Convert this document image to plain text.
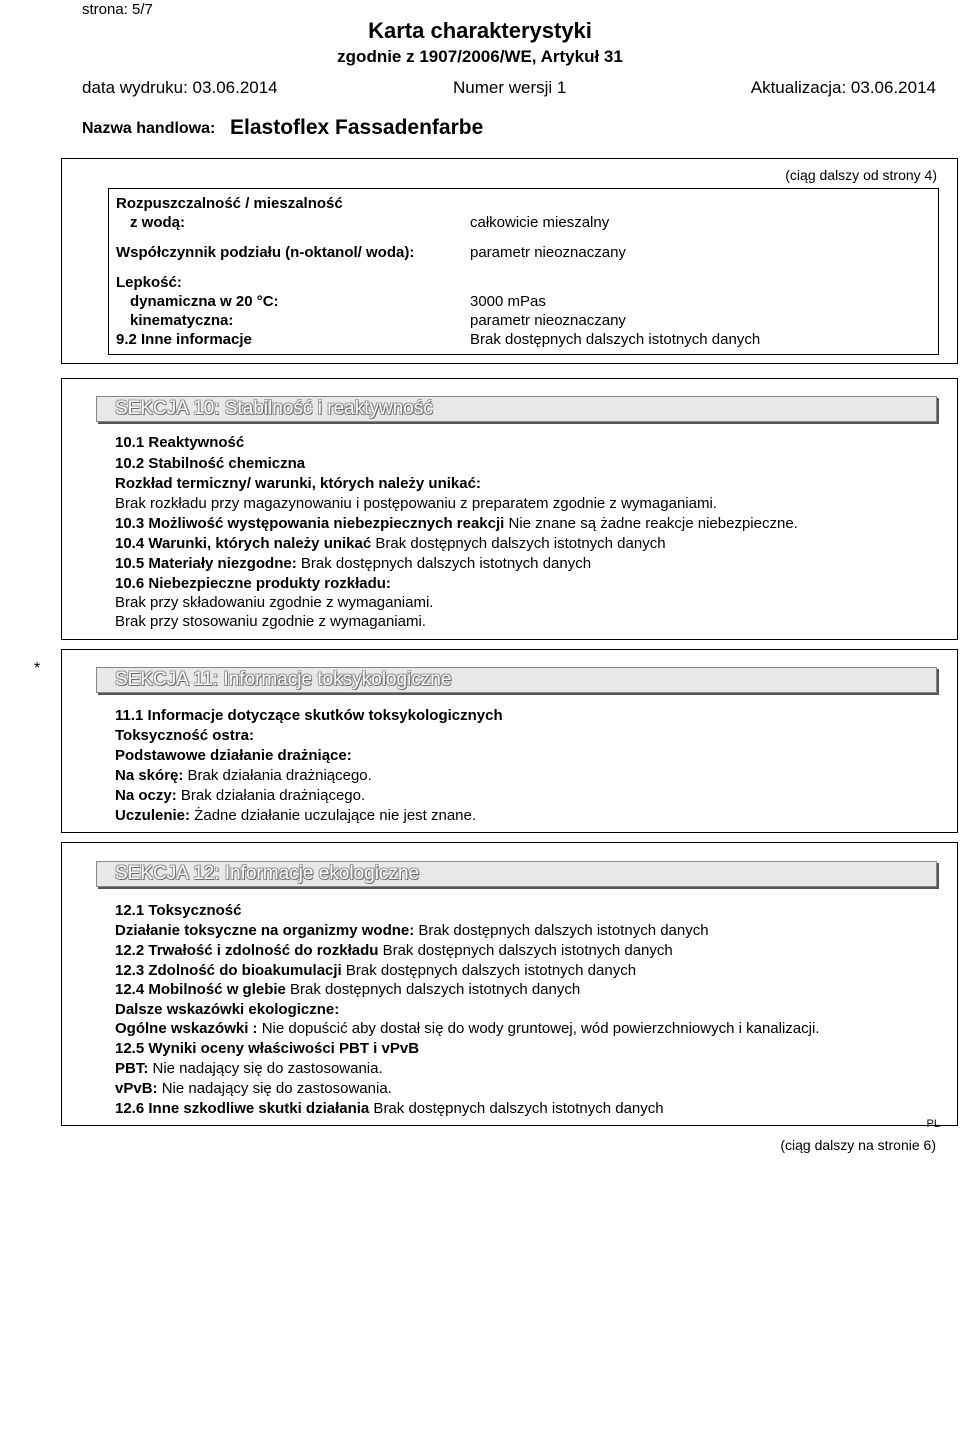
strona: 5/7
Karta charakterystyki
zgodnie z 1907/2006/WE, Artykuł 31
data wydruku: 03.06.2014	Numer wersji 1	Aktualizacja: 03.06.2014
Nazwa handlowa: Elastoflex Fassadenfarbe
(ciąg dalszy od strony 4)
Rozpuszczalność / mieszalność
z wodą:	całkowicie mieszalny
Współczynnik podziału (n-oktanol/ woda):	parametr nieoznaczany
Lepkość:
dynamiczna w 20 °C:	3000 mPas
kinematyczna:	parametr nieoznaczany
9.2 Inne informacje	Brak dostępnych dalszych istotnych danych
SEKCJA 10: Stabilność i reaktywność
10.1 Reaktywność
10.2 Stabilność chemiczna
Rozkład termiczny/ warunki, których należy unikać:
Brak rozkładu przy magazynowaniu i postępowaniu z preparatem zgodnie z wymaganiami.
10.3 Możliwość występowania niebezpiecznych reakcji Nie znane są żadne reakcje niebezpieczne.
10.4 Warunki, których należy unikać Brak dostępnych dalszych istotnych danych
10.5 Materiały niezgodne: Brak dostępnych dalszych istotnych danych
10.6 Niebezpieczne produkty rozkładu:
Brak przy składowaniu zgodnie z wymaganiami.
Brak przy stosowaniu zgodnie z wymaganiami.
*
SEKCJA 11: Informacje toksykologiczne
11.1 Informacje dotyczące skutków toksykologicznych
Toksyczność ostra:
Podstawowe działanie drażniące:
Na skórę: Brak działania drażniącego.
Na oczy: Brak działania drażniącego.
Uczulenie: Żadne działanie uczulające nie jest znane.
SEKCJA 12: Informacje ekologiczne
12.1 Toksyczność
Działanie toksyczne na organizmy wodne: Brak dostępnych dalszych istotnych danych
12.2 Trwałość i zdolność do rozkładu Brak dostępnych dalszych istotnych danych
12.3 Zdolność do bioakumulacji Brak dostępnych dalszych istotnych danych
12.4 Mobilność w glebie Brak dostępnych dalszych istotnych danych
Dalsze wskazówki ekologiczne:
Ogólne wskazówki : Nie dopuścić aby dostał się do wody gruntowej, wód powierzchniowych i kanalizacji.
12.5 Wyniki oceny właściwości PBT i vPvB
PBT: Nie nadający się do zastosowania.
vPvB: Nie nadający się do zastosowania.
12.6 Inne szkodliwe skutki działania Brak dostępnych dalszych istotnych danych
PL
(ciąg dalszy na stronie 6)
